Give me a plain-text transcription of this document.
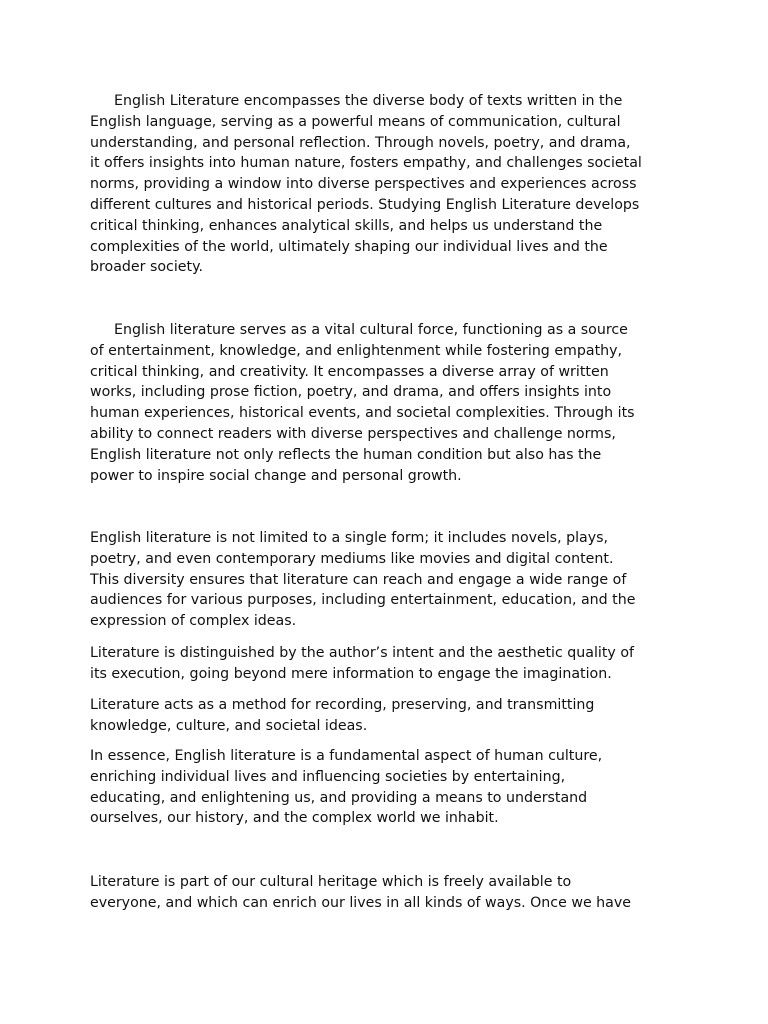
English Literature encompasses the diverse body of texts written in the
English language, serving as a powerful means of communication, cultural
understanding, and personal reflection. Through novels, poetry, and drama,
it offers insights into human nature, fosters empathy, and challenges societal
norms, providing a window into diverse perspectives and experiences across
different cultures and historical periods. Studying English Literature develops
critical thinking, enhances analytical skills, and helps us understand the
complexities of the world, ultimately shaping our individual lives and the
broader society.

English literature serves as a vital cultural force, functioning as a source
of entertainment, knowledge, and enlightenment while fostering empathy,
critical thinking, and creativity. It encompasses a diverse array of written
works, including prose fiction, poetry, and drama, and offers insights into
human experiences, historical events, and societal complexities. Through its
ability to connect readers with diverse perspectives and challenge norms,
English literature not only reflects the human condition but also has the
power to inspire social change and personal growth.

English literature is not limited to a single form; it includes novels, plays,
poetry, and even contemporary mediums like movies and digital content.
This diversity ensures that literature can reach and engage a wide range of
audiences for various purposes, including entertainment, education, and the
expression of complex ideas.

Literature is distinguished by the author’s intent and the aesthetic quality of
its execution, going beyond mere information to engage the imagination.

Literature acts as a method for recording, preserving, and transmitting
knowledge, culture, and societal ideas.

In essence, English literature is a fundamental aspect of human culture,
enriching individual lives and influencing societies by entertaining,
educating, and enlightening us, and providing a means to understand
ourselves, our history, and the complex world we inhabit.

Literature is part of our cultural heritage which is freely available to
everyone, and which can enrich our lives in all kinds of ways. Once we have
